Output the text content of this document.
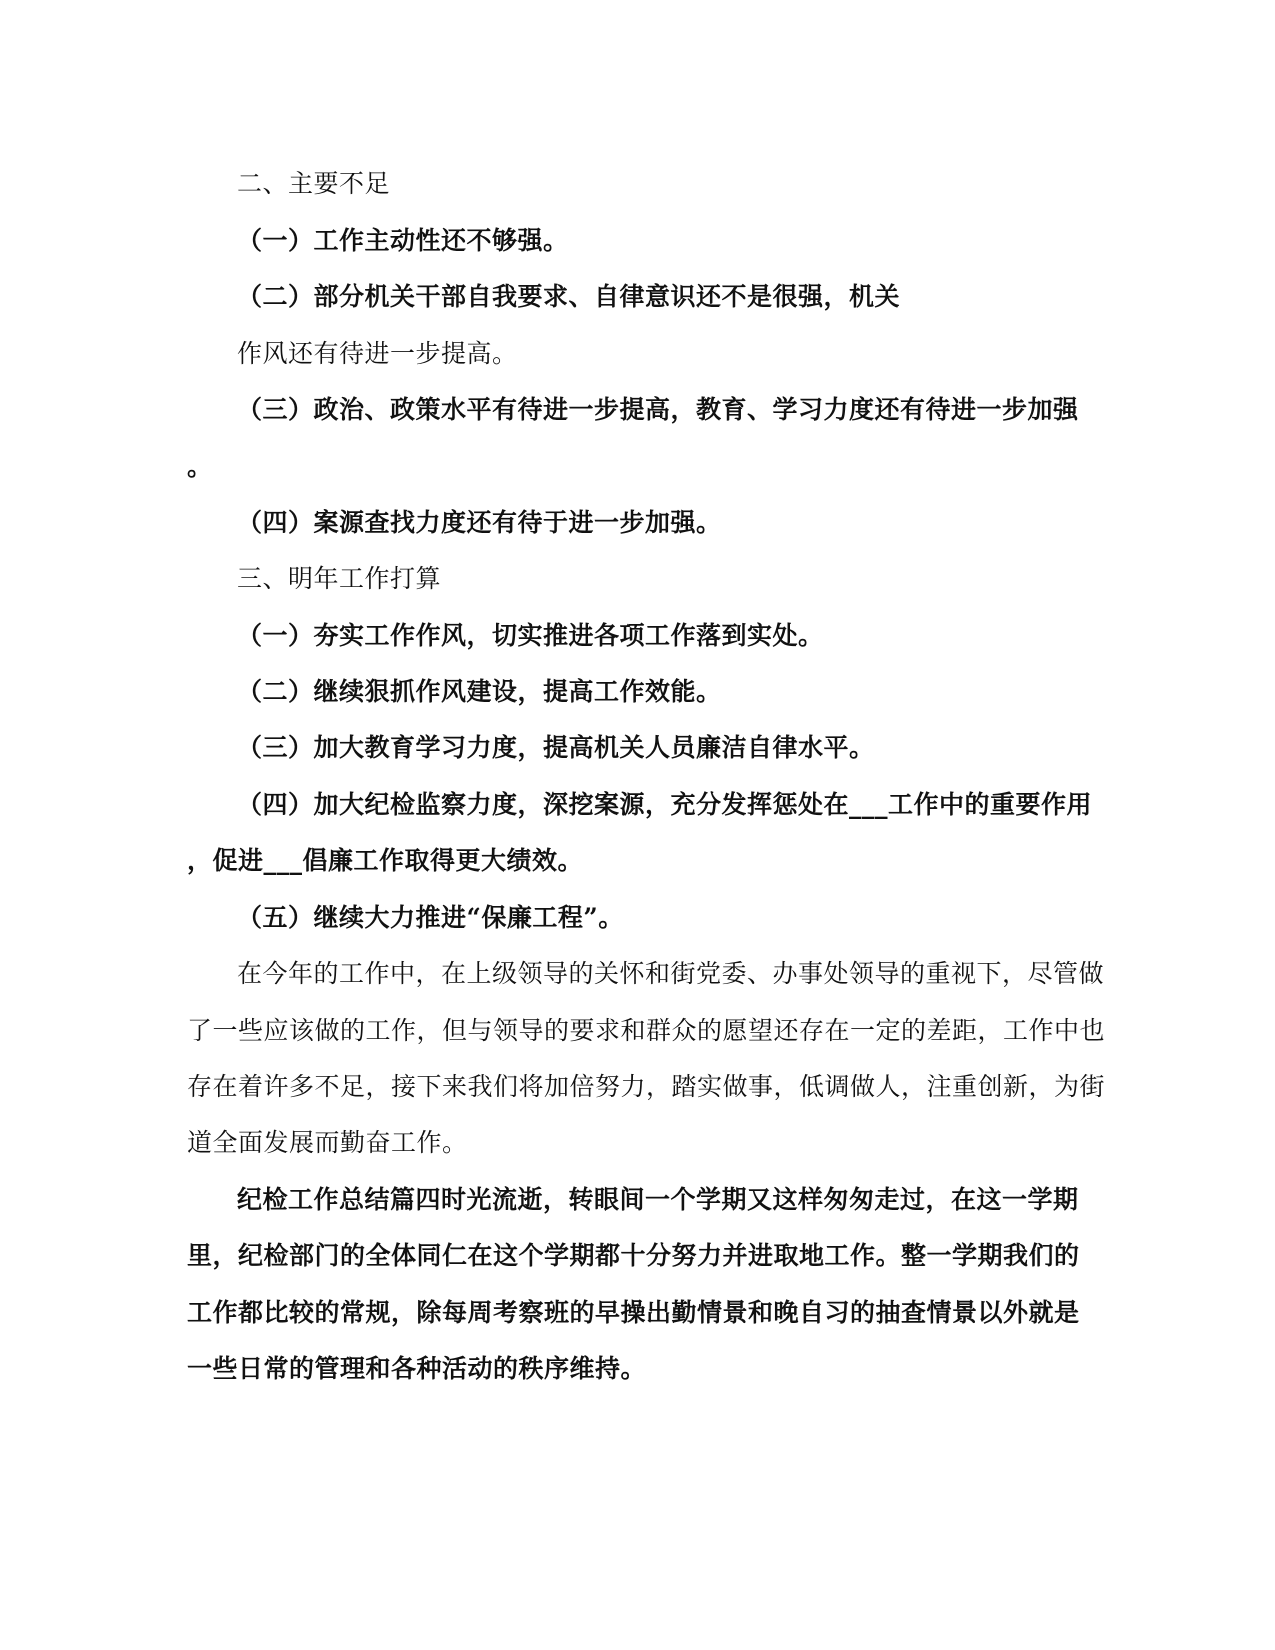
二、主要不足
（一）工作主动性还不够强。
（二）部分机关干部自我要求、自律意识还不是很强，机关
作风还有待进一步提高。
（三）政治、政策水平有待进一步提高，教育、学习力度还有待进一步加强
。
（四）案源查找力度还有待于进一步加强。
三、明年工作打算
（一）夯实工作作风，切实推进各项工作落到实处。
（二）继续狠抓作风建设，提高工作效能。
（三）加大教育学习力度，提高机关人员廉洁自律水平。
（四）加大纪检监察力度，深挖案源，充分发挥惩处在___工作中的重要作用
，促进___倡廉工作取得更大绩效。
（五）继续大力推进“保廉工程”。
在今年的工作中，在上级领导的关怀和街党委、办事处领导的重视下，尽管做
了一些应该做的工作，但与领导的要求和群众的愿望还存在一定的差距，工作中也
存在着许多不足，接下来我们将加倍努力，踏实做事，低调做人，注重创新，为街
道全面发展而勤奋工作。
纪检工作总结篇四时光流逝，转眼间一个学期又这样匆匆走过，在这一学期
里，纪检部门的全体同仁在这个学期都十分努力并进取地工作。整一学期我们的
工作都比较的常规，除每周考察班的早操出勤情景和晚自习的抽查情景以外就是
一些日常的管理和各种活动的秩序维持。
